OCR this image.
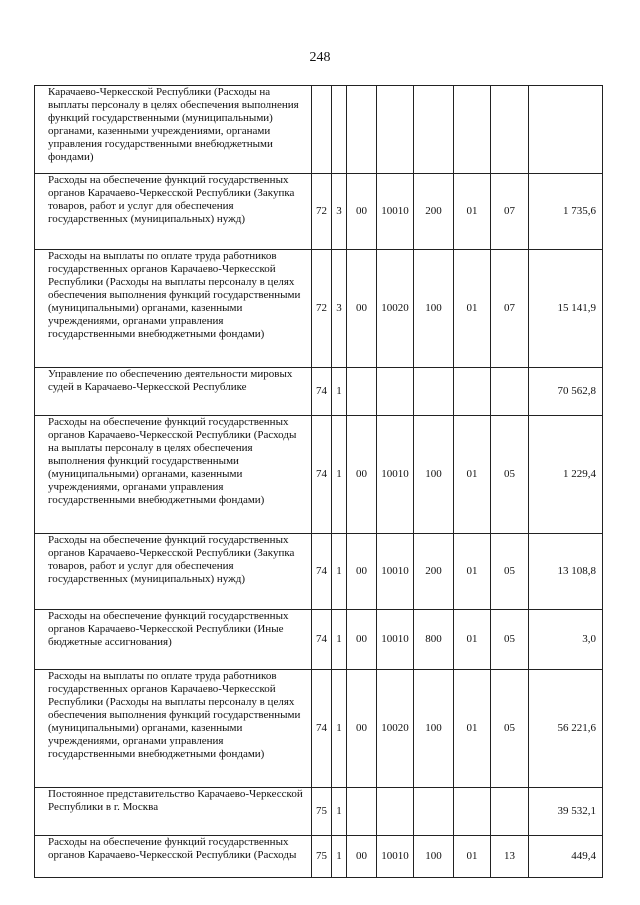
248
Карачаево-Черкесской Республики (Расходы на выплаты персоналу в целях обеспечения выполнения функций государственными (муниципальными) органами, казенными учреждениями, органами управления государственными внебюджетными фондами)								
Расходы на обеспечение функций государственных органов Карачаево-Черкесской Республики (Закупка товаров, работ и услуг для обеспечения государственных (муниципальных) нужд)	72	3	00	10010	200	01	07	1 735,6
Расходы на выплаты по оплате труда работников государственных органов Карачаево-Черкесской Республики (Расходы на выплаты персоналу в целях обеспечения выполнения функций государственными (муниципальными) органами, казенными учреждениями, органами управления государственными внебюджетными фондами)	72	3	00	10020	100	01	07	15 141,9
Управление по обеспечению деятельности мировых судей в Карачаево-Черкесской Республике	74	1						70 562,8
Расходы на обеспечение функций государственных органов Карачаево-Черкесской Республики (Расходы на выплаты персоналу в целях обеспечения выполнения функций государственными (муниципальными) органами, казенными учреждениями, органами управления государственными внебюджетными фондами)	74	1	00	10010	100	01	05	1 229,4
Расходы на обеспечение функций государственных органов Карачаево-Черкесской Республики (Закупка товаров, работ и услуг для обеспечения государственных (муниципальных) нужд)	74	1	00	10010	200	01	05	13 108,8
Расходы на обеспечение функций государственных органов Карачаево-Черкесской Республики (Иные бюджетные ассигнования)	74	1	00	10010	800	01	05	3,0
Расходы на выплаты по оплате труда работников государственных органов Карачаево-Черкесской Республики (Расходы на выплаты персоналу в целях обеспечения выполнения функций государственными (муниципальными) органами, казенными учреждениями, органами управления государственными внебюджетными фондами)	74	1	00	10020	100	01	05	56 221,6
Постоянное представительство Карачаево-Черкесской Республики в г. Москва	75	1						39 532,1
Расходы на обеспечение функций государственных органов Карачаево-Черкесской Республики (Расходы	75	1	00	10010	100	01	13	449,4
